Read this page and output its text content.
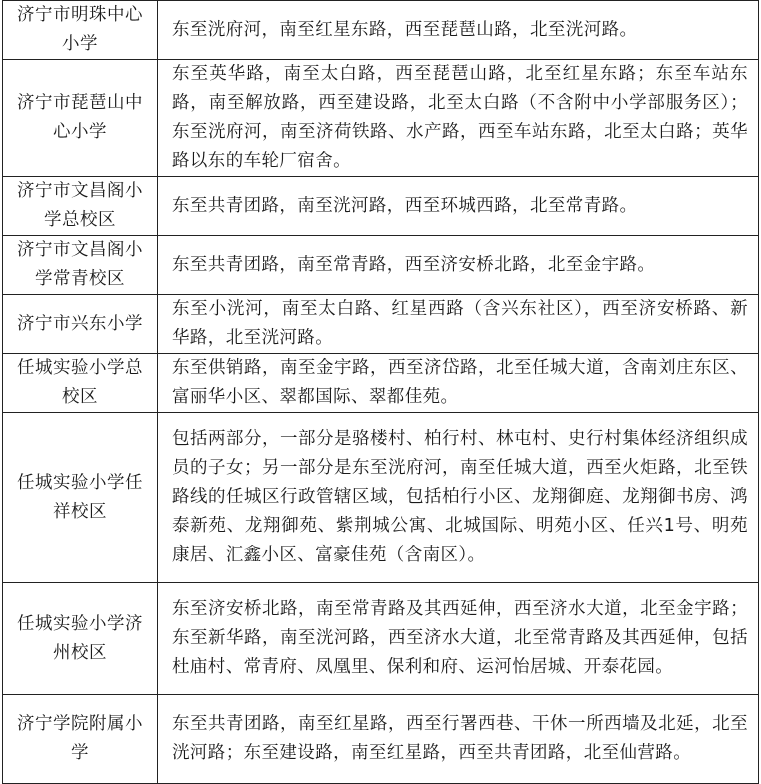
济宁市明珠中心小学	东至洸府河，南至红星东路，西至琵琶山路，北至洸河路。
济宁市琵琶山中心小学	东至英华路，南至太白路，西至琵琶山路，北至红星东路；东至车站东路，南至解放路，西至建设路，北至太白路（不含附中小学部服务区）；东至洸府河，南至济荷铁路、水产路，西至车站东路，北至太白路；英华路以东的车轮厂宿舍。
济宁市文昌阁小学总校区	东至共青团路，南至洸河路，西至环城西路，北至常青路。
济宁市文昌阁小学常青校区	东至共青团路，南至常青路，西至济安桥北路，北至金宇路。
济宁市兴东小学	东至小洸河，南至太白路、红星西路（含兴东社区），西至济安桥路、新华路，北至洸河路。
任城实验小学总校区	东至供销路，南至金宇路，西至济岱路，北至任城大道，含南刘庄东区、富丽华小区、翠都国际、翠都佳苑。
任城实验小学任祥校区	包括两部分，一部分是骆楼村、柏行村、林屯村、史行村集体经济组织成员的子女；另一部分是东至洸府河，南至任城大道，西至火炬路，北至铁路线的任城区行政管辖区域，包括柏行小区、龙翔御庭、龙翔御书房、鸿泰新苑、龙翔御苑、紫荆城公寓、北城国际、明苑小区、任兴1号、明苑康居、汇鑫小区、富豪佳苑（含南区）。
任城实验小学济州校区	东至济安桥北路，南至常青路及其西延伸，西至济水大道，北至金宇路；东至新华路，南至洸河路，西至济水大道，北至常青路及其西延伸，包括杜庙村、常青府、凤凰里、保利和府、运河怡居城、开泰花园。
济宁学院附属小学	东至共青团路，南至红星路，西至行署西巷、干休一所西墙及北延，北至洸河路；东至建设路，南至红星路，西至共青团路，北至仙营路。
